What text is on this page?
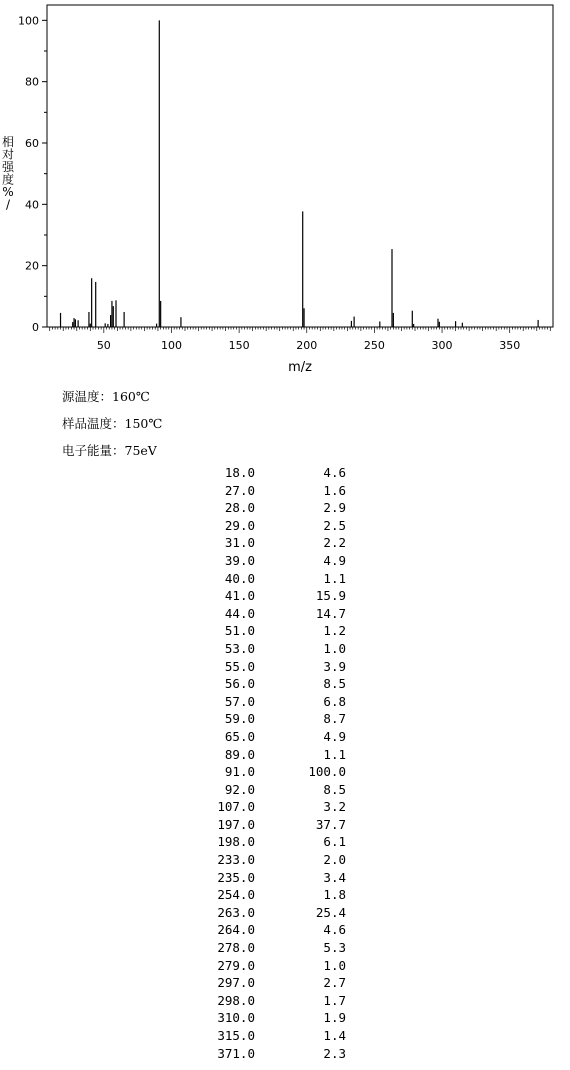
0
20
40
60
80
100
50	100	150	200	250	300	350
相
对
强
度
%
/
m/z
源温度：160℃
样品温度：150℃
电子能量：75eV
18.0	4.6
27.0	1.6
28.0	2.9
29.0	2.5
31.0	2.2
39.0	4.9
40.0	1.1
41.0	15.9
44.0	14.7
51.0	1.2
53.0	1.0
55.0	3.9
56.0	8.5
57.0	6.8
59.0	8.7
65.0	4.9
89.0	1.1
91.0	100.0
92.0	8.5
107.0	3.2
197.0	37.7
198.0	6.1
233.0	2.0
235.0	3.4
254.0	1.8
263.0	25.4
264.0	4.6
278.0	5.3
279.0	1.0
297.0	2.7
298.0	1.7
310.0	1.9
315.0	1.4
371.0	2.3
